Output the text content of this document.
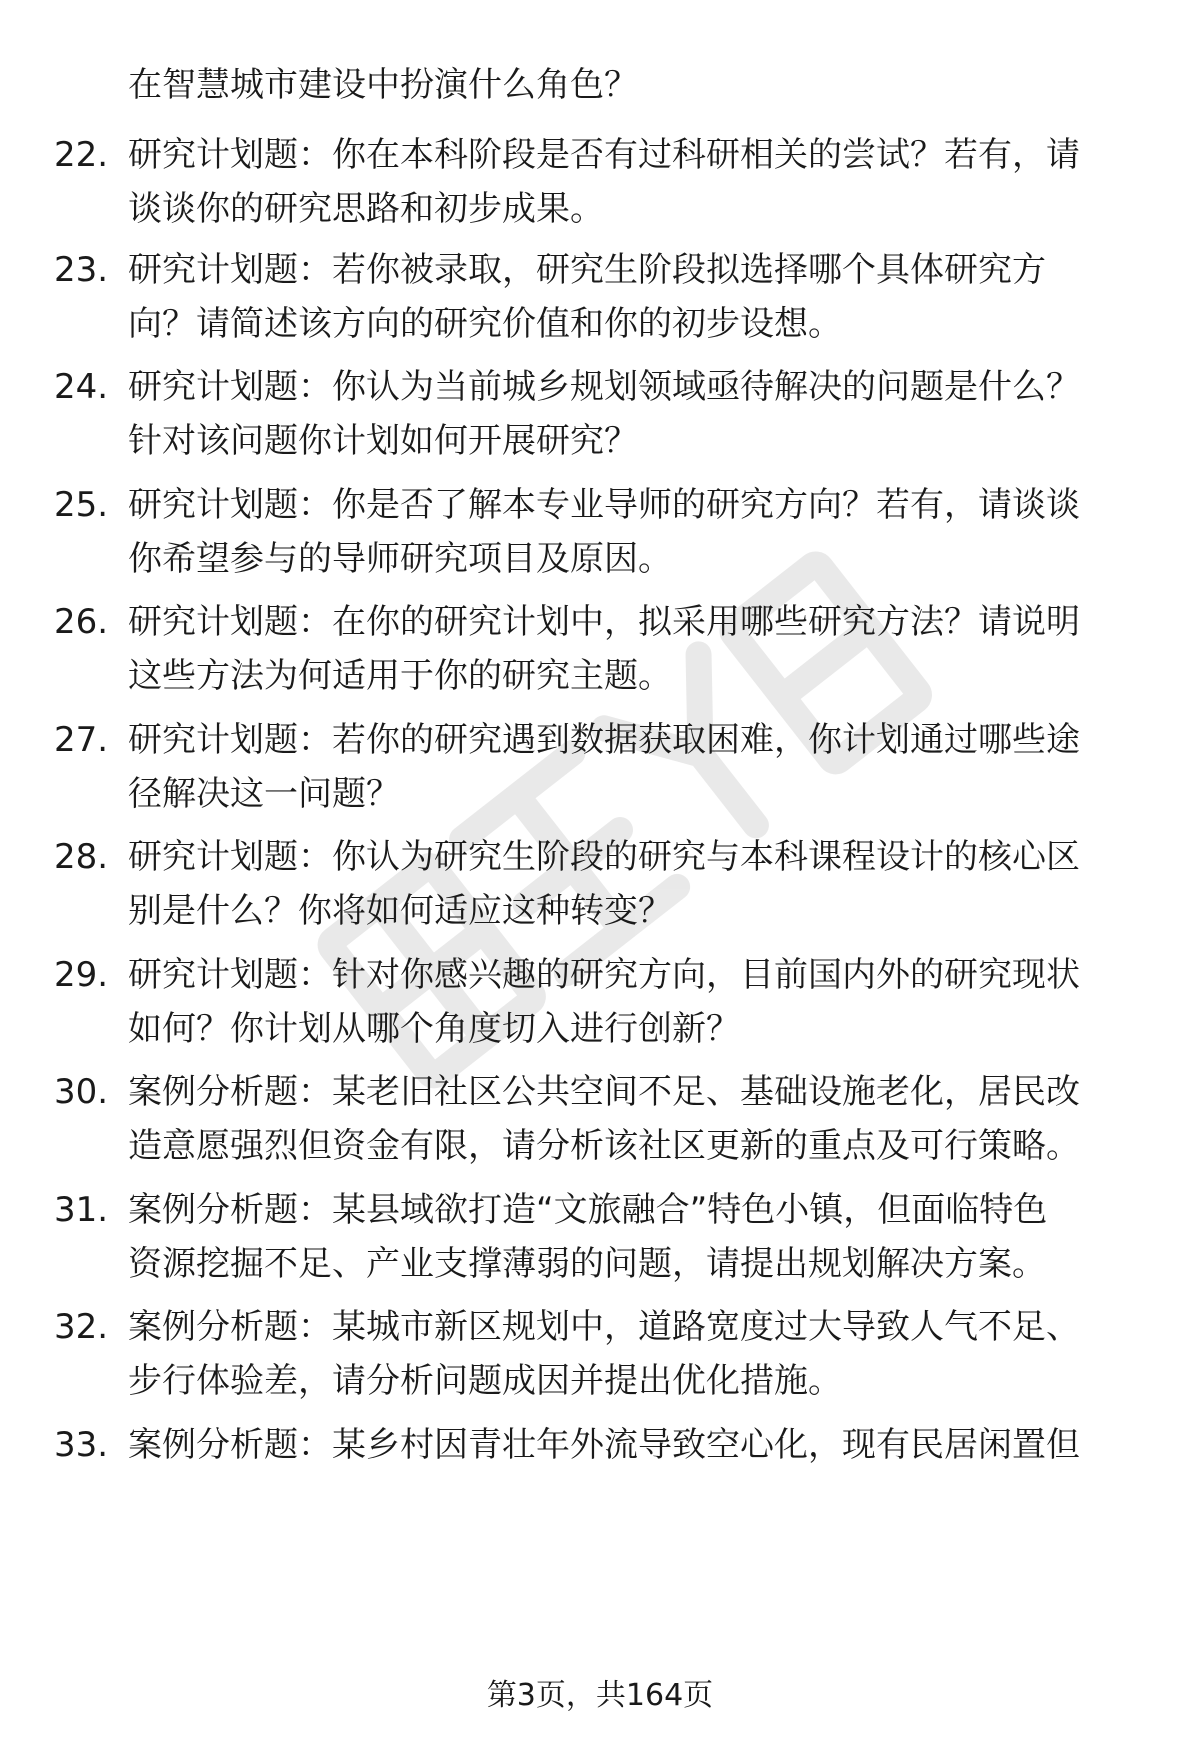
在智慧城市建设中扮演什么角色？
22. 研究计划题：你在本科阶段是否有过科研相关的尝试？若有，请
谈谈你的研究思路和初步成果。
23. 研究计划题：若你被录取，研究生阶段拟选择哪个具体研究方
向？请简述该方向的研究价值和你的初步设想。
24. 研究计划题：你认为当前城乡规划领域亟待解决的问题是什么？
针对该问题你计划如何开展研究？
25. 研究计划题：你是否了解本专业导师的研究方向？若有，请谈谈
你希望参与的导师研究项目及原因。
26. 研究计划题：在你的研究计划中，拟采用哪些研究方法？请说明
这些方法为何适用于你的研究主题。
27. 研究计划题：若你的研究遇到数据获取困难，你计划通过哪些途
径解决这一问题？
28. 研究计划题：你认为研究生阶段的研究与本科课程设计的核心区
别是什么？你将如何适应这种转变？
29. 研究计划题：针对你感兴趣的研究方向，目前国内外的研究现状
如何？你计划从哪个角度切入进行创新？
30. 案例分析题：某老旧社区公共空间不足、基础设施老化，居民改
造意愿强烈但资金有限，请分析该社区更新的重点及可行策略。
31. 案例分析题：某县域欲打造“文旅融合”特色小镇，但面临特色
资源挖掘不足、产业支撑薄弱的问题，请提出规划解决方案。
32. 案例分析题：某城市新区规划中，道路宽度过大导致人气不足、
步行体验差，请分析问题成因并提出优化措施。
33. 案例分析题：某乡村因青壮年外流导致空心化，现有民居闲置但
第3页，共164页
